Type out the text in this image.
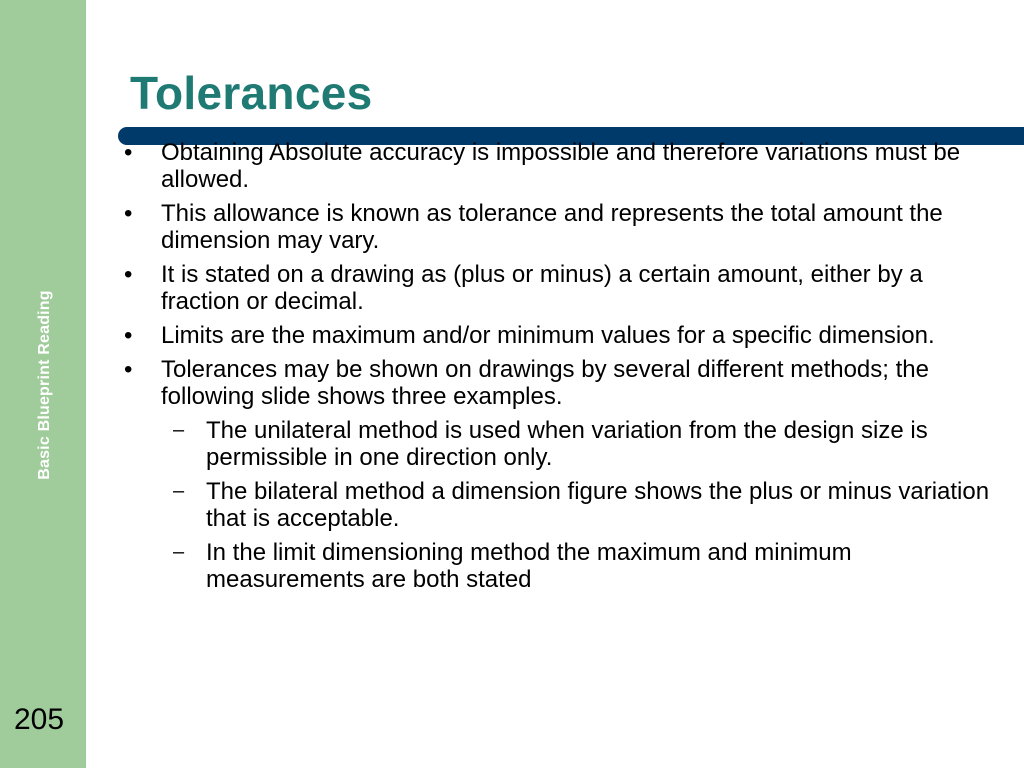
Basic Blueprint Reading
205
Tolerances
• Obtaining Absolute accuracy is impossible and therefore variations must be allowed.
• This allowance is known as tolerance and represents the total amount the dimension may vary.
• It is stated on a drawing as (plus or minus) a certain amount, either by a fraction or decimal.
• Limits are the maximum and/or minimum values for a specific dimension.
• Tolerances may be shown on drawings by several different methods; the following slide shows three examples.
– The unilateral method is used when variation from the design size is permissible in one direction only.
– The bilateral method a dimension figure shows the plus or minus variation that is acceptable.
– In the limit dimensioning method the maximum and minimum measurements are both stated
